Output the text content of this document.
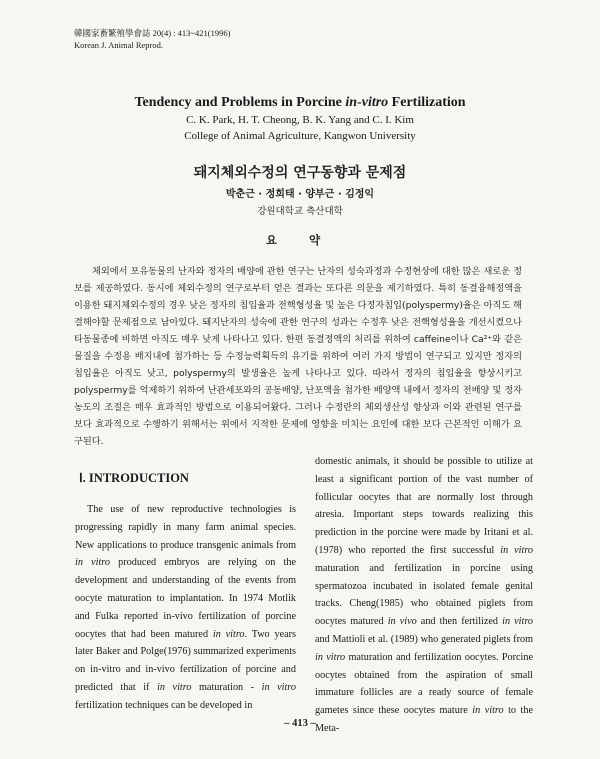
韓國家畜繁殖學會誌 20(4) : 413~421(1996)
Korean J. Animal Reprod.
Tendency and Problems in Porcine in-vitro Fertilization
C. K. Park, H. T. Cheong, B. K. Yang and C. I. Kim
College of Animal Agriculture, Kangwon University
돼지체외수정의 연구동향과 문제점
박춘근 · 정희태 · 양부근 · 김정익
강원대학교 축산대학
요 약
체외에서 포유동물의 난자와 정자의 배양에 관한 연구는 난자의 성숙과정과 수정현상에 대한 많은 새로운 정보를 제공하였다. 동시에 체외수정의 연구로부터 얻은 결과는 또다른 의문을 제기하였다. 특히 동결융해정액을 이용한 돼지체외수정의 경우 낮은 정자의 침입율과 전핵형성율 및 높은 다정자침입(polyspermy)율은 아직도 해결해야할 문제점으로 남아있다. 돼지난자의 성숙에 관한 연구의 성과는 수정후 낮은 전핵형성율을 개선시켰으나 타동물종에 비하면 아직도 매우 낮게 나타나고 있다. 한편 동결정액의 처리를 위하여 caffeine이나 Ca²⁺와 같은 물질을 수정용 배지내에 첨가하는 등 수정능력획득의 유기를 위하여 여러 가지 방법이 연구되고 있지만 정자의 침입율은 아직도 낮고, polyspermy의 발생율은 높게 나타나고 있다. 따라서 정자의 침입율을 향상시키고 polyspermy를 억제하기 위하여 난관세포와의 공동배양, 난포액을 첨가한 배양액 내에서 정자의 전배양 및 정자농도의 조절은 매우 효과적인 방법으로 이용되어왔다. 그러나 수정란의 체외생산성 향상과 이와 관련된 연구를 보다 효과적으로 수행하기 위해서는 위에서 지적한 문제에 영향을 미치는 요인에 대한 보다 근본적인 이해가 요구된다.
Ⅰ. INTRODUCTION
The use of new reproductive technologies is progressing rapidly in many farm animal species. New applications to produce transgenic animals from in vitro produced embryos are relying on the development and understanding of the events from oocyte maturation to implantation. In 1974 Motlik and Fulka reported in-vivo fertilization of porcine oocytes that had been matured in vitro. Two years later Baker and Polge(1976) summarized experiments on in-vitro and in-vivo fertilization of porcine and predicted that if in vitro maturation - in vitro fertilization techniques can be developed in
domestic animals, it should be possible to utilize at least a significant portion of the vast number of follicular oocytes that are normally lost through atresia. Important steps towards realizing this prediction in the porcine were made by Iritani et al. (1978) who reported the first successful in vitro maturation and fertilization in porcine using spermatozoa incubated in isolated female genital tracks. Cheng(1985) who obtained piglets from oocytes matured in vivo and then fertilized in vitro and Mattioli et al. (1989) who generated piglets from in vitro maturation and fertilization oocytes. Porcine oocytes obtained from the aspiration of small immature follicles are a ready source of female gametes since these oocytes mature in vitro to the Meta-
– 413 –
